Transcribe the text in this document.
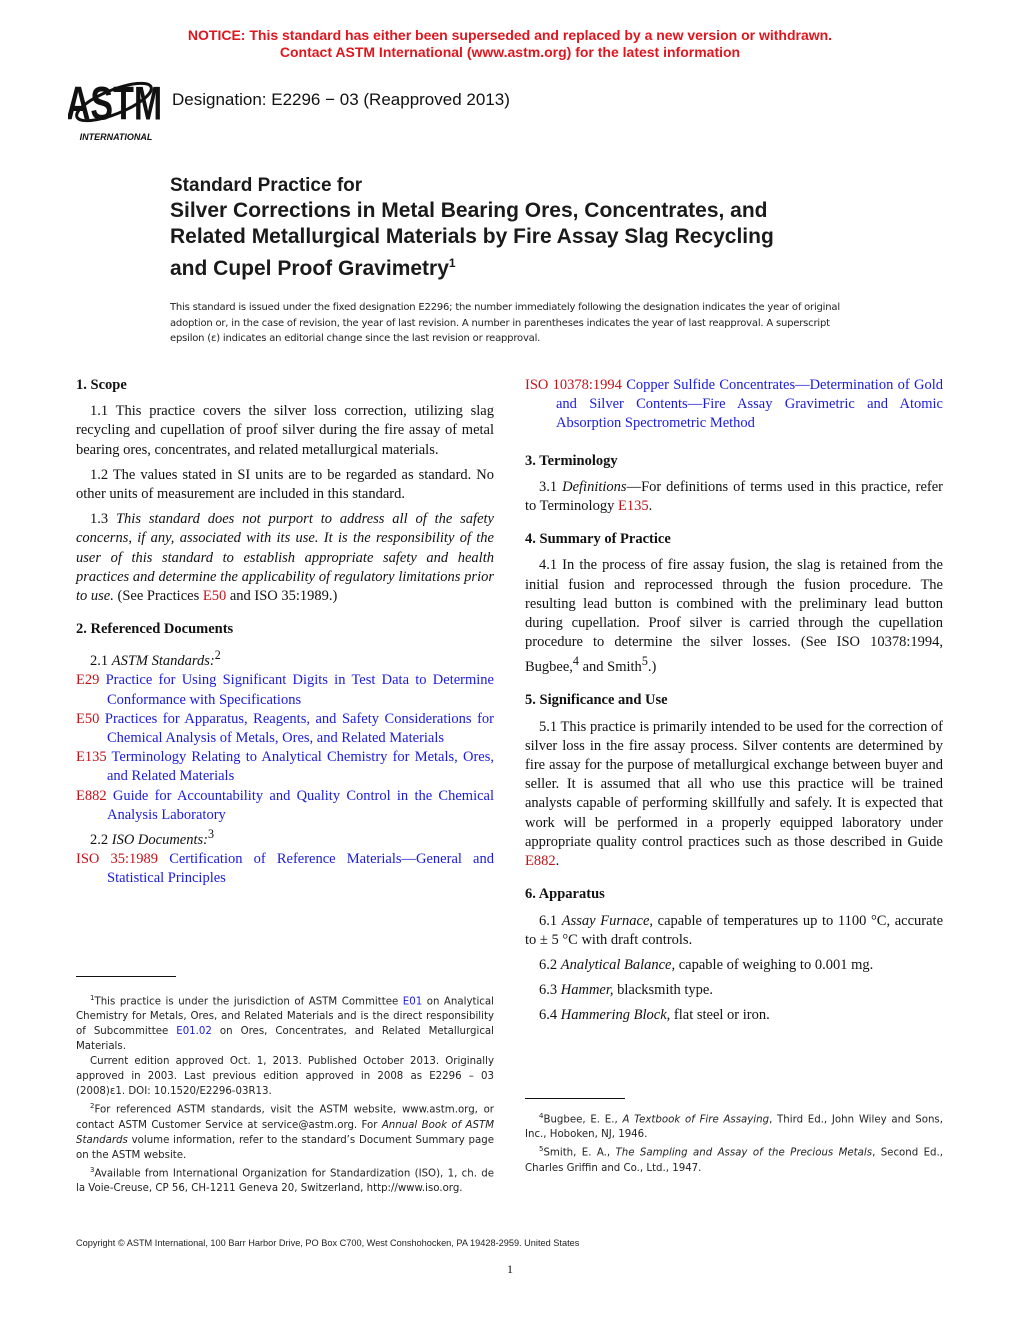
NOTICE: This standard has either been superseded and replaced by a new version or withdrawn.
Contact ASTM International (www.astm.org) for the latest information
ASTM
INTERNATIONAL
Designation: E2296 − 03 (Reapproved 2013)
Standard Practice for
Silver Corrections in Metal Bearing Ores, Concentrates, and
Related Metallurgical Materials by Fire Assay Slag Recycling
and Cupel Proof Gravimetry$^1$
This standard is issued under the fixed designation E2296; the number immediately following the designation indicates the year of original adoption or, in the case of revision, the year of last revision. A number in parentheses indicates the year of last reapproval. A superscript epsilon (ε) indicates an editorial change since the last revision or reapproval.
1. Scope

1.1 This practice covers the silver loss correction, utilizing slag recycling and cupellation of proof silver during the fire assay of metal bearing ores, concentrates, and related metallurgical materials.

1.2 The values stated in SI units are to be regarded as standard. No other units of measurement are included in this standard.

1.3 This standard does not purport to address all of the safety concerns, if any, associated with its use. It is the responsibility of the user of this standard to establish appropriate safety and health practices and determine the applicability of regulatory limitations prior to use. (See Practices E50 and ISO 35:1989.)

2. Referenced Documents

2.1 ASTM Standards:$^2$

E29 Practice for Using Significant Digits in Test Data to Determine Conformance with Specifications

E50 Practices for Apparatus, Reagents, and Safety Considerations for Chemical Analysis of Metals, Ores, and Related Materials

E135 Terminology Relating to Analytical Chemistry for Metals, Ores, and Related Materials

E882 Guide for Accountability and Quality Control in the Chemical Analysis Laboratory

2.2 ISO Documents:$^3$

ISO 35:1989 Certification of Reference Materials—General and Statistical Principles

$^1$This practice is under the jurisdiction of ASTM Committee E01 on Analytical Chemistry for Metals, Ores, and Related Materials and is the direct responsibility of Subcommittee E01.02 on Ores, Concentrates, and Related Metallurgical Materials.

Current edition approved Oct. 1, 2013. Published October 2013. Originally approved in 2003. Last previous edition approved in 2008 as E2296 – 03 (2008)ε1. DOI: 10.1520/E2296-03R13.

$^2$For referenced ASTM standards, visit the ASTM website, www.astm.org, or contact ASTM Customer Service at service@astm.org. For Annual Book of ASTM Standards volume information, refer to the standard’s Document Summary page on the ASTM website.

$^3$Available from International Organization for Standardization (ISO), 1, ch. de la Voie-Creuse, CP 56, CH-1211 Geneva 20, Switzerland, http://www.iso.org.

ISO 10378:1994 Copper Sulfide Concentrates—Determination of Gold and Silver Contents—Fire Assay Gravimetric and Atomic Absorption Spectrometric Method

3. Terminology

3.1 Definitions—For definitions of terms used in this practice, refer to Terminology E135.

4. Summary of Practice

4.1 In the process of fire assay fusion, the slag is retained from the initial fusion and reprocessed through the fusion procedure. The resulting lead button is combined with the preliminary lead button during cupellation. Proof silver is carried through the cupellation procedure to determine the silver losses. (See ISO 10378:1994, Bugbee,$^4$ and Smith$^5$.)

5. Significance and Use

5.1 This practice is primarily intended to be used for the correction of silver loss in the fire assay process. Silver contents are determined by fire assay for the purpose of metallurgical exchange between buyer and seller. It is assumed that all who use this practice will be trained analysts capable of performing skillfully and safely. It is expected that work will be performed in a properly equipped laboratory under appropriate quality control practices such as those described in Guide E882.

6. Apparatus

6.1 Assay Furnace, capable of temperatures up to 1100 °C, accurate to ± 5 °C with draft controls.

6.2 Analytical Balance, capable of weighing to 0.001 mg.

6.3 Hammer, blacksmith type.

6.4 Hammering Block, flat steel or iron.

$^4$Bugbee, E. E., A Textbook of Fire Assaying, Third Ed., John Wiley and Sons, Inc., Hoboken, NJ, 1946.

$^5$Smith, E. A., The Sampling and Assay of the Precious Metals, Second Ed., Charles Griffin and Co., Ltd., 1947.

Copyright © ASTM International, 100 Barr Harbor Drive, PO Box C700, West Conshohocken, PA 19428-2959. United States
1
